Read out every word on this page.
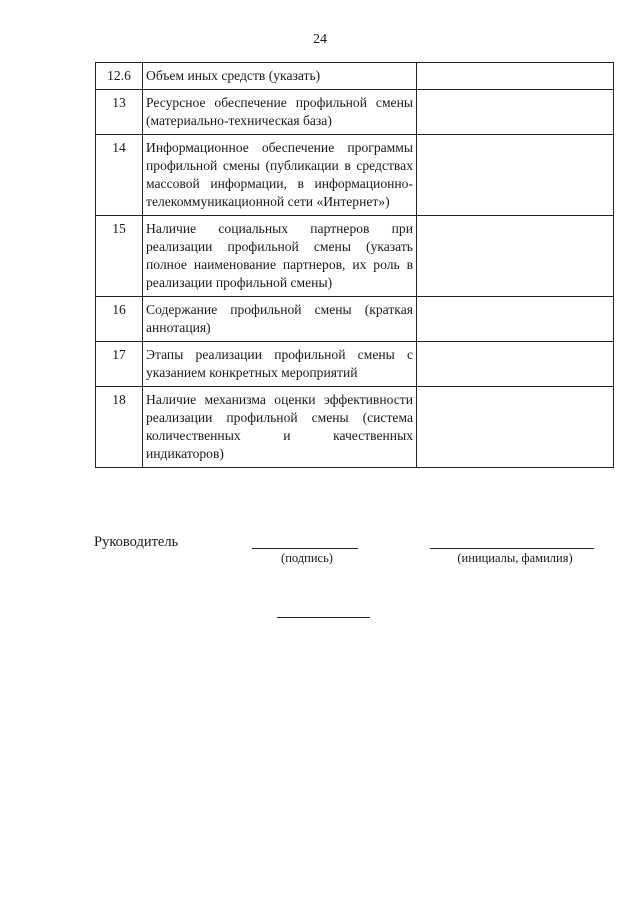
24
12.6	Объем иных средств (указать)	
13	Ресурсное обеспечение профильной смены (материально-техническая база)	
14	Информационное обеспечение программы профильной смены (публикации в средствах массовой информации, в информационно-телекоммуникационной сети «Интернет»)	
15	Наличие социальных партнеров при реализации профильной смены (указать полное наименование партнеров, их роль в реализации профильной смены)	
16	Содержание профильной смены (краткая аннотация)	
17	Этапы реализации профильной смены с указанием конкретных мероприятий	
18	Наличие механизма оценки эффективности реализации профильной смены (система количественных и качественных индикаторов)	
Руководитель
(подпись)	(инициалы, фамилия)
